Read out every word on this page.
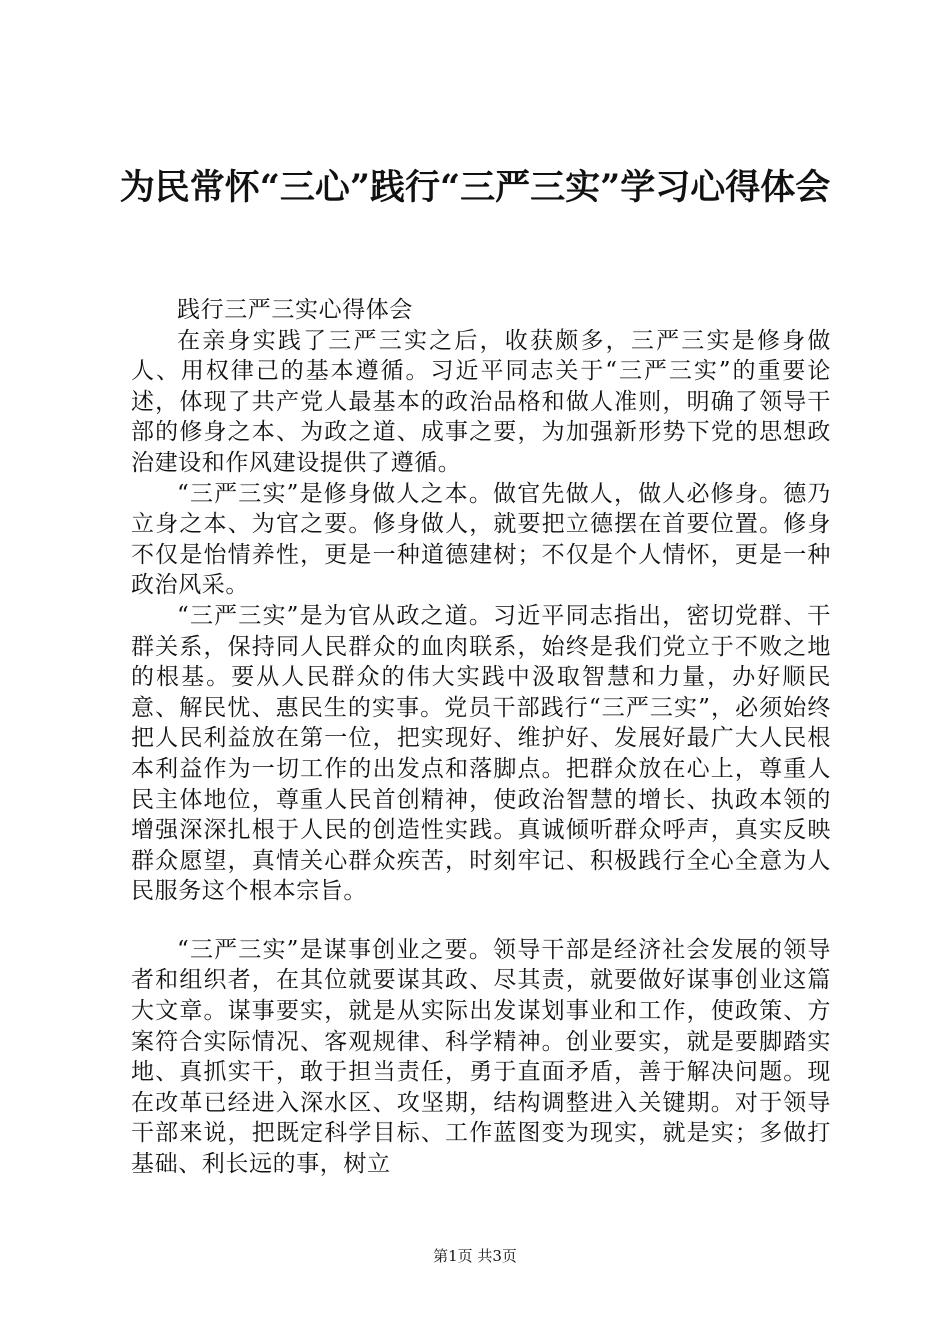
为民常怀“三心”践行“三严三实”学习心得体会

践行三严三实心得体会

在亲身实践了三严三实之后，收获颇多，三严三实是修身做人、用权律己的基本遵循。习近平同志关于“三严三实”的重要论述，体现了共产党人最基本的政治品格和做人准则，明确了领导干部的修身之本、为政之道、成事之要，为加强新形势下党的思想政治建设和作风建设提供了遵循。

“三严三实”是修身做人之本。做官先做人，做人必修身。德乃立身之本、为官之要。修身做人，就要把立德摆在首要位置。修身不仅是怡情养性，更是一种道德建树；不仅是个人情怀，更是一种政治风采。

“三严三实”是为官从政之道。习近平同志指出，密切党群、干群关系，保持同人民群众的血肉联系，始终是我们党立于不败之地的根基。要从人民群众的伟大实践中汲取智慧和力量，办好顺民意、解民忧、惠民生的实事。党员干部践行“三严三实”，必须始终把人民利益放在第一位，把实现好、维护好、发展好最广大人民根本利益作为一切工作的出发点和落脚点。把群众放在心上，尊重人民主体地位，尊重人民首创精神，使政治智慧的增长、执政本领的增强深深扎根于人民的创造性实践。真诚倾听群众呼声，真实反映群众愿望，真情关心群众疾苦，时刻牢记、积极践行全心全意为人民服务这个根本宗旨。

“三严三实”是谋事创业之要。领导干部是经济社会发展的领导者和组织者，在其位就要谋其政、尽其责，就要做好谋事创业这篇大文章。谋事要实，就是从实际出发谋划事业和工作，使政策、方案符合实际情况、客观规律、科学精神。创业要实，就是要脚踏实地、真抓实干，敢于担当责任，勇于直面矛盾，善于解决问题。现在改革已经进入深水区、攻坚期，结构调整进入关键期。对于领导干部来说，把既定科学目标、工作蓝图变为现实，就是实；多做打基础、利长远的事，树立

第1页 共3页
